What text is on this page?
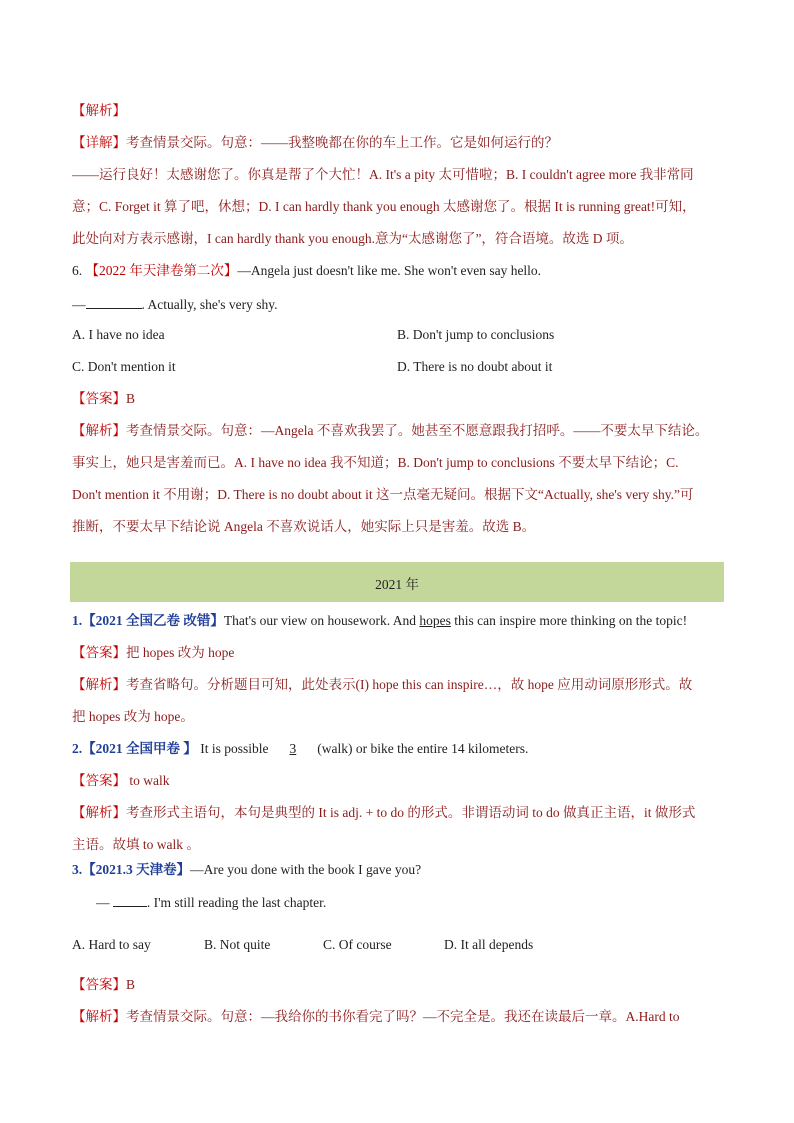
【解析】
【详解】考查情景交际。句意：——我整晚都在你的车上工作。它是如何运行的？
——运行良好！太感谢您了。你真是帮了个大忙！A. It's a pity 太可惜啦；B. I couldn't agree more 我非常同
意；C. Forget it 算了吧，休想；D. I can hardly thank you enough 太感谢您了。根据 It is running great!可知，
此处向对方表示感谢，I can hardly thank you enough.意为“太感谢您了”，符合语境。故选 D 项。
6. 【2022 年天津卷第二次】—Angela just doesn't like me. She won't even say hello.
—	. Actually, she's very shy.
A. I have no idea	B. Don't jump to conclusions
C. Don't mention it	D. There is no doubt about it
【答案】B
【解析】考查情景交际。句意：—Angela 不喜欢我罢了。她甚至不愿意跟我打招呼。——不要太早下结论。
事实上，她只是害羞而已。A. I have no idea 我不知道；B. Don't jump to conclusions 不要太早下结论；C.
Don't mention it 不用谢；D. There is no doubt about it 这一点毫无疑问。根据下文“Actually, she's very shy.”可
推断，不要太早下结论说 Angela 不喜欢说话人，她实际上只是害羞。故选 B。
2021 年
1.【2021 全国乙卷 改错】That's our view on housework. And hopes this can inspire more thinking on the topic!
【答案】把 hopes 改为 hope
【解析】考查省略句。分析题目可知，此处表示(I) hope this can inspire…，故 hope 应用动词原形形式。故
把 hopes 改为 hope。
2.【2021 全国甲卷 】 It is possible 3 (walk) or bike the entire 14 kilometers.
【答案】 to walk
【解析】考查形式主语句，本句是典型的 It is adj. + to do 的形式。非谓语动词 to do 做真正主语，it 做形式
主语。故填 to walk 。
3.【2021.3 天津卷】—Are you done with the book I gave you?
—	. I'm still reading the last chapter.
A. Hard to say	B. Not quite	C. Of course	D. It all depends
【答案】B
【解析】考查情景交际。句意：—我给你的书你看完了吗？—不完全是。我还在读最后一章。A.Hard to
